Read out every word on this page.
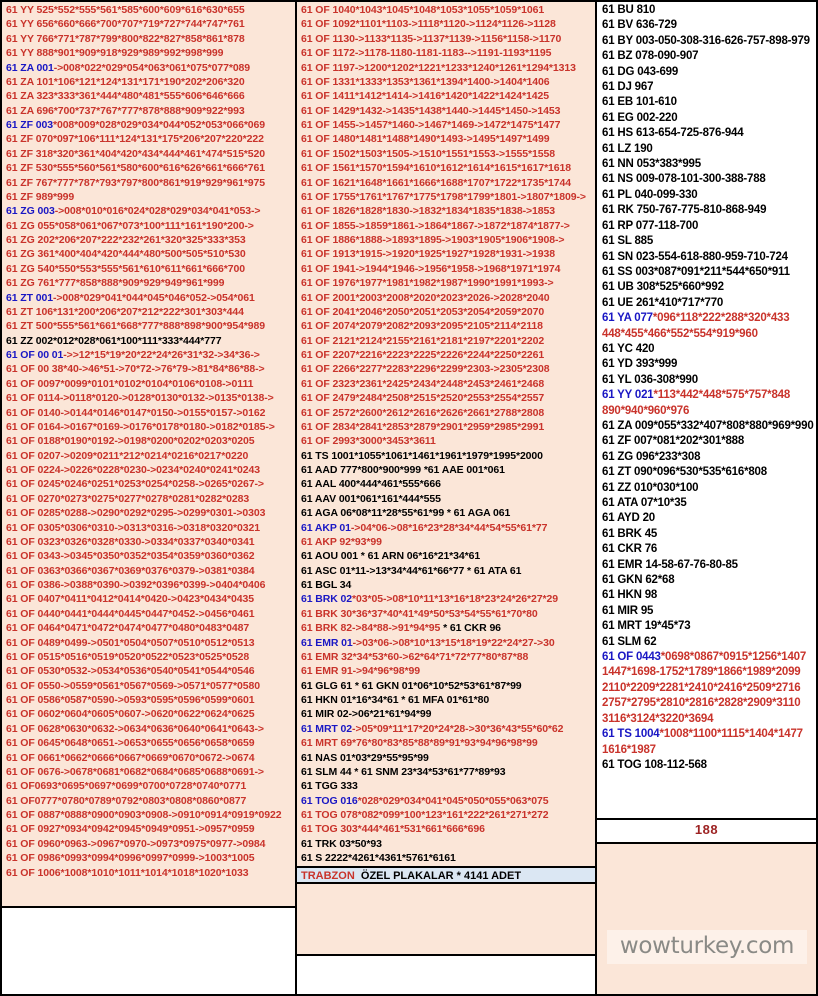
61 YY 525*552*555*561*585*600*609*616*630*655
61 YY 656*660*666*700*707*719*727*744*747*761
61 YY 766*771*787*799*800*822*827*858*861*878
61 YY 888*901*909*918*929*989*992*998*999
61 ZA 001->008*022*029*054*063*061*075*077*089
61 ZA 101*106*121*124*131*171*190*202*206*320
61 ZA 323*333*361*444*480*481*555*606*646*666
61 ZA 696*700*737*767*777*878*888*909*922*993
61 ZF 003*008*009*028*029*034*044*052*053*066*069
61 ZF 070*097*106*111*124*131*175*206*207*220*222
61 ZF 318*320*361*404*420*434*444*461*474*515*520
61 ZF 530*555*560*561*580*600*616*626*661*666*761
61 ZF 767*777*787*793*797*800*861*919*929*961*975
61 ZF 989*999
61 ZG 003->008*010*016*024*028*029*034*041*053->
61 ZG 055*058*061*067*073*100*111*161*190*200->
61 ZG 202*206*207*222*232*261*320*325*333*353
61 ZG 361*400*404*420*444*480*500*505*510*530
61 ZG 540*550*553*555*561*610*611*661*666*700
61 ZG 761*777*858*888*909*929*949*961*999
61 ZT 001->008*029*041*044*045*046*052->054*061
61 ZT 106*131*200*206*207*212*222*301*303*444
61 ZT 500*555*561*661*668*777*888*898*900*954*989
61 ZZ 002*012*028*061*100*111*333*444*777
61 OF 00 01->>12*15*19*20*22*24*26*31*32->34*36->
61 OF 00 38*40->46*51->70*72->76*79->81*84*86*88->
61 OF 0097*0099*0101*0102*0104*0106*0108->0111
61 OF 0114->0118*0120->0128*0130*0132->0135*0138->
61 OF 0140->0144*0146*0147*0150->0155*0157->0162
61 OF 0164->0167*0169->0176*0178*0180->0182*0185->
61 OF 0188*0190*0192->0198*0200*0202*0203*0205
61 OF 0207->0209*0211*212*0214*0216*0217*0220
61 OF 0224->0226*0228*0230->0234*0240*0241*0243
61 OF 0245*0246*0251*0253*0254*0258->0265*0267->
61 OF 0270*0273*0275*0277*0278*0281*0282*0283
61 OF 0285*0288->0290*0292*0295->0299*0301->0303
61 OF 0305*0306*0310->0313*0316->0318*0320*0321
61 OF 0323*0326*0328*0330->0334*0337*0340*0341
61 OF 0343->0345*0350*0352*0354*0359*0360*0362
61 OF 0363*0366*0367*0369*0376*0379->0381*0384
61 OF 0386->0388*0390->0392*0396*0399->0404*0406
61 OF 0407*0411*0412*0414*0420->0423*0434*0435
61 OF 0440*0441*0444*0445*0447*0452->0456*0461
61 OF 0464*0471*0472*0474*0477*0480*0483*0487
61 OF 0489*0499->0501*0504*0507*0510*0512*0513
61 OF 0515*0516*0519*0520*0522*0523*0525*0528
61 OF 0530*0532->0534*0536*0540*0541*0544*0546
61 OF 0550->0559*0561*0567*0569->0571*0577*0580
61 OF 0586*0587*0590->0593*0595*0596*0599*0601
61 OF 0602*0604*0605*0607->0620*0622*0624*0625
61 OF 0628*0630*0632->0634*0636*0640*0641*0643->
61 OF 0645*0648*0651->0653*0655*0656*0658*0659
61 OF 0661*0662*0666*0667*0669*0670*0672->0674
61 OF 0676->0678*0681*0682*0684*0685*0688*0691->
61 OF0693*0695*0697*0699*0700*0728*0740*0771
61 OF0777*0780*0789*0792*0803*0808*0860*0877
61 OF 0887*0888*0900*0903*0908->0910*0914*0919*0922
61 OF 0927*0934*0942*0945*0949*0951->0957*0959
61 OF 0960*0963->0967*0970->0973*0975*0977->0984
61 OF 0986*0993*0994*0996*0997*0999->1003*1005
61 OF 1006*1008*1010*1011*1014*1018*1020*1033
61 OF 1040*1043*1045*1048*1053*1055*1059*1061
61 OF 1092*1101*1103->1118*1120->1124*1126->1128
61 OF 1130->1133*1135->1137*1139->1156*1158->1170
61 OF 1172->1178-1180-1181-1183-->1191-1193*1195
61 OF 1197->1200*1202*1221*1233*1240*1261*1294*1313
61 OF 1331*1333*1353*1361*1394*1400->1404*1406
61 OF 1411*1412*1414->1416*1420*1422*1424*1425
61 OF 1429*1432->1435*1438*1440->1445*1450->1453
61 OF 1455->1457*1460->1467*1469->1472*1475*1477
61 OF 1480*1481*1488*1490*1493->1495*1497*1499
61 OF 1502*1503*1505->1510*1551*1553->1555*1558
61 OF 1561*1570*1594*1610*1612*1614*1615*1617*1618
61 OF 1621*1648*1661*1666*1688*1707*1722*1735*1744
61 OF 1755*1761*1767*1775*1798*1799*1801->1807*1809->
61 OF 1826*1828*1830->1832*1834*1835*1838->1853
61 OF 1855->1859*1861->1864*1867->1872*1874*1877->
61 OF 1886*1888->1893*1895->1903*1905*1906*1908->
61 OF 1913*1915->1920*1925*1927*1928*1931->1938
61 OF 1941->1944*1946->1956*1958->1968*1971*1974
61 OF 1976*1977*1981*1982*1987*1990*1991*1993->
61 OF 2001*2003*2008*2020*2023*2026->2028*2040
61 OF 2041*2046*2050*2051*2053*2054*2059*2070
61 OF 2074*2079*2082*2093*2095*2105*2114*2118
61 OF 2121*2124*2155*2161*2181*2197*2201*2202
61 OF 2207*2216*2223*2225*2226*2244*2250*2261
61 OF 2266*2277*2283*2296*2299*2303->2305*2308
61 OF 2323*2361*2425*2434*2448*2453*2461*2468
61 OF 2479*2484*2508*2515*2520*2553*2554*2557
61 OF 2572*2600*2612*2616*2626*2661*2788*2808
61 OF 2834*2841*2853*2879*2901*2959*2985*2991
61 OF 2993*3000*3453*3611
61 TS 1001*1055*1061*1461*1961*1979*1995*2000
61 AAD 777*800*900*999 *61 AAE 001*061
61 AAL 400*444*461*555*666
61 AAV 001*061*161*444*555
61 AGA 06*08*11*28*55*61*99 * 61 AGA 061
61 AKP 01->04*06->08*16*23*28*34*44*54*55*61*77
61 AKP 92*93*99
61 AOU 001 * 61 ARN 06*16*21*34*61
61 ASC 01*11->13*34*44*61*66*77 * 61 ATA 61
61 BGL 34
61 BRK 02*03*05->08*10*11*13*16*18*23*24*26*27*29
61 BRK 30*36*37*40*41*49*50*53*54*55*61*70*80
61 BRK 82->84*88->91*94*95 * 61 CKR 96
61 EMR 01->03*06->08*10*13*15*18*19*22*24*27->30
61 EMR 32*34*53*60->62*64*71*72*77*80*87*88
61 EMR 91->94*96*98*99
61 GLG 61 * 61 GKN 01*06*10*52*53*61*87*99
61 HKN 01*16*34*61 * 61 MFA 01*61*80
61 MIR 02->06*21*61*94*99
61 MRT 02->05*09*11*17*20*24*28->30*36*43*55*60*62
61 MRT 69*76*80*83*85*88*89*91*93*94*96*98*99
61 NAS 01*03*29*55*95*99
61 SLM 44 * 61 SNM 23*34*53*61*77*89*93
61 TGG 333
61 TOG 016*028*029*034*041*045*050*055*063*075
61 TOG 078*082*099*100*123*161*222*261*271*272
61 TOG 303*444*461*531*661*666*696
61 TRK 03*50*93
61 S 2222*4261*4361*5761*6161
TRABZON ÖZEL PLAKALAR * 4141 ADET
61 BU 810
61 BV 636-729
61 BY 003-050-308-316-626-757-898-979
61 BZ 078-090-907
61 DG 043-699
61 DJ 967
61 EB 101-610
61 EG 002-220
61 HS 613-654-725-876-944
61 LZ 190
61 NN 053*383*995
61 NS 009-078-101-300-388-788
61 PL 040-099-330
61 RK 750-767-775-810-868-949
61 RP 077-118-700
61 SL 885
61 SN 023-554-618-880-959-710-724
61 SS 003*087*091*211*544*650*911
61 UB 308*525*660*992
61 UE 261*410*717*770
61 YA 077*096*118*222*288*320*433
448*455*466*552*554*919*960
61 YC 420
61 YD 393*999
61 YL 036-308*990
61 YY 021*113*442*448*575*757*848
890*940*960*976
61 ZA 009*055*332*407*808*880*969*990
61 ZF 007*081*202*301*888
61 ZG 096*233*308
61 ZT 090*096*530*535*616*808
61 ZZ 010*030*100
61 ATA 07*10*35
61 AYD 20
61 BRK 45
61 CKR 76
61 EMR 14-58-67-76-80-85
61 GKN 62*68
61 HKN 98
61 MIR 95
61 MRT 19*45*73
61 SLM 62
61 OF 0443*0698*0867*0915*1256*1407
1447*1698-1752*1789*1866*1989*2099
2110*2209*2281*2410*2416*2509*2716
2757*2795*2810*2816*2828*2909*3110
3116*3124*3220*3694
61 TS 1004*1008*1100*1115*1404*1477
1616*1987
61 TOG 108-112-568
188
wowturkey.com
